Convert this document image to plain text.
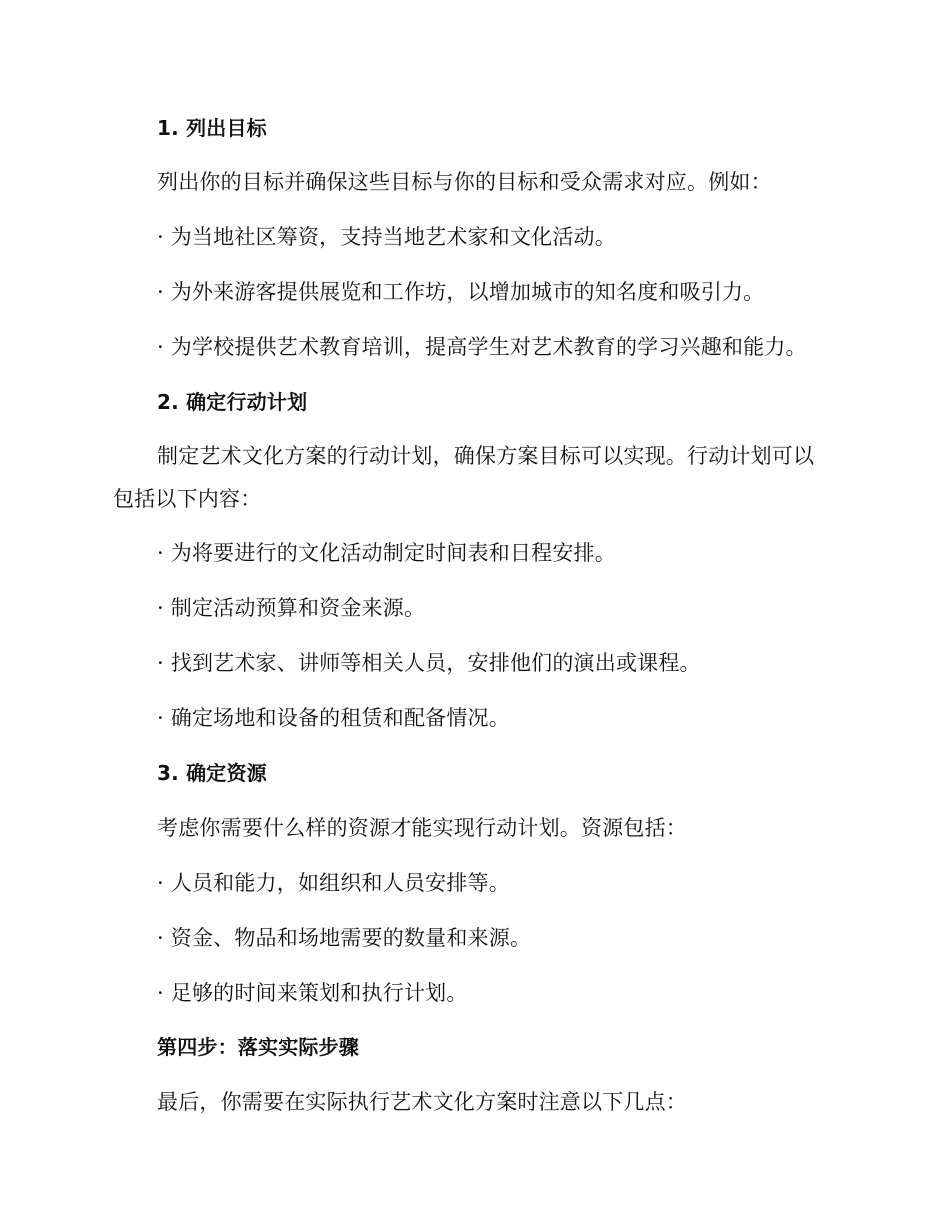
1. 列出目标
列出你的目标并确保这些目标与你的目标和受众需求对应。例如：
· 为当地社区筹资，支持当地艺术家和文化活动。
· 为外来游客提供展览和工作坊，以增加城市的知名度和吸引力。
· 为学校提供艺术教育培训，提高学生对艺术教育的学习兴趣和能力。
2. 确定行动计划
制定艺术文化方案的行动计划，确保方案目标可以实现。行动计划可以
包括以下内容：
· 为将要进行的文化活动制定时间表和日程安排。
· 制定活动预算和资金来源。
· 找到艺术家、讲师等相关人员，安排他们的演出或课程。
· 确定场地和设备的租赁和配备情况。
3. 确定资源
考虑你需要什么样的资源才能实现行动计划。资源包括：
· 人员和能力，如组织和人员安排等。
· 资金、物品和场地需要的数量和来源。
· 足够的时间来策划和执行计划。
第四步：落实实际步骤
最后，你需要在实际执行艺术文化方案时注意以下几点：
